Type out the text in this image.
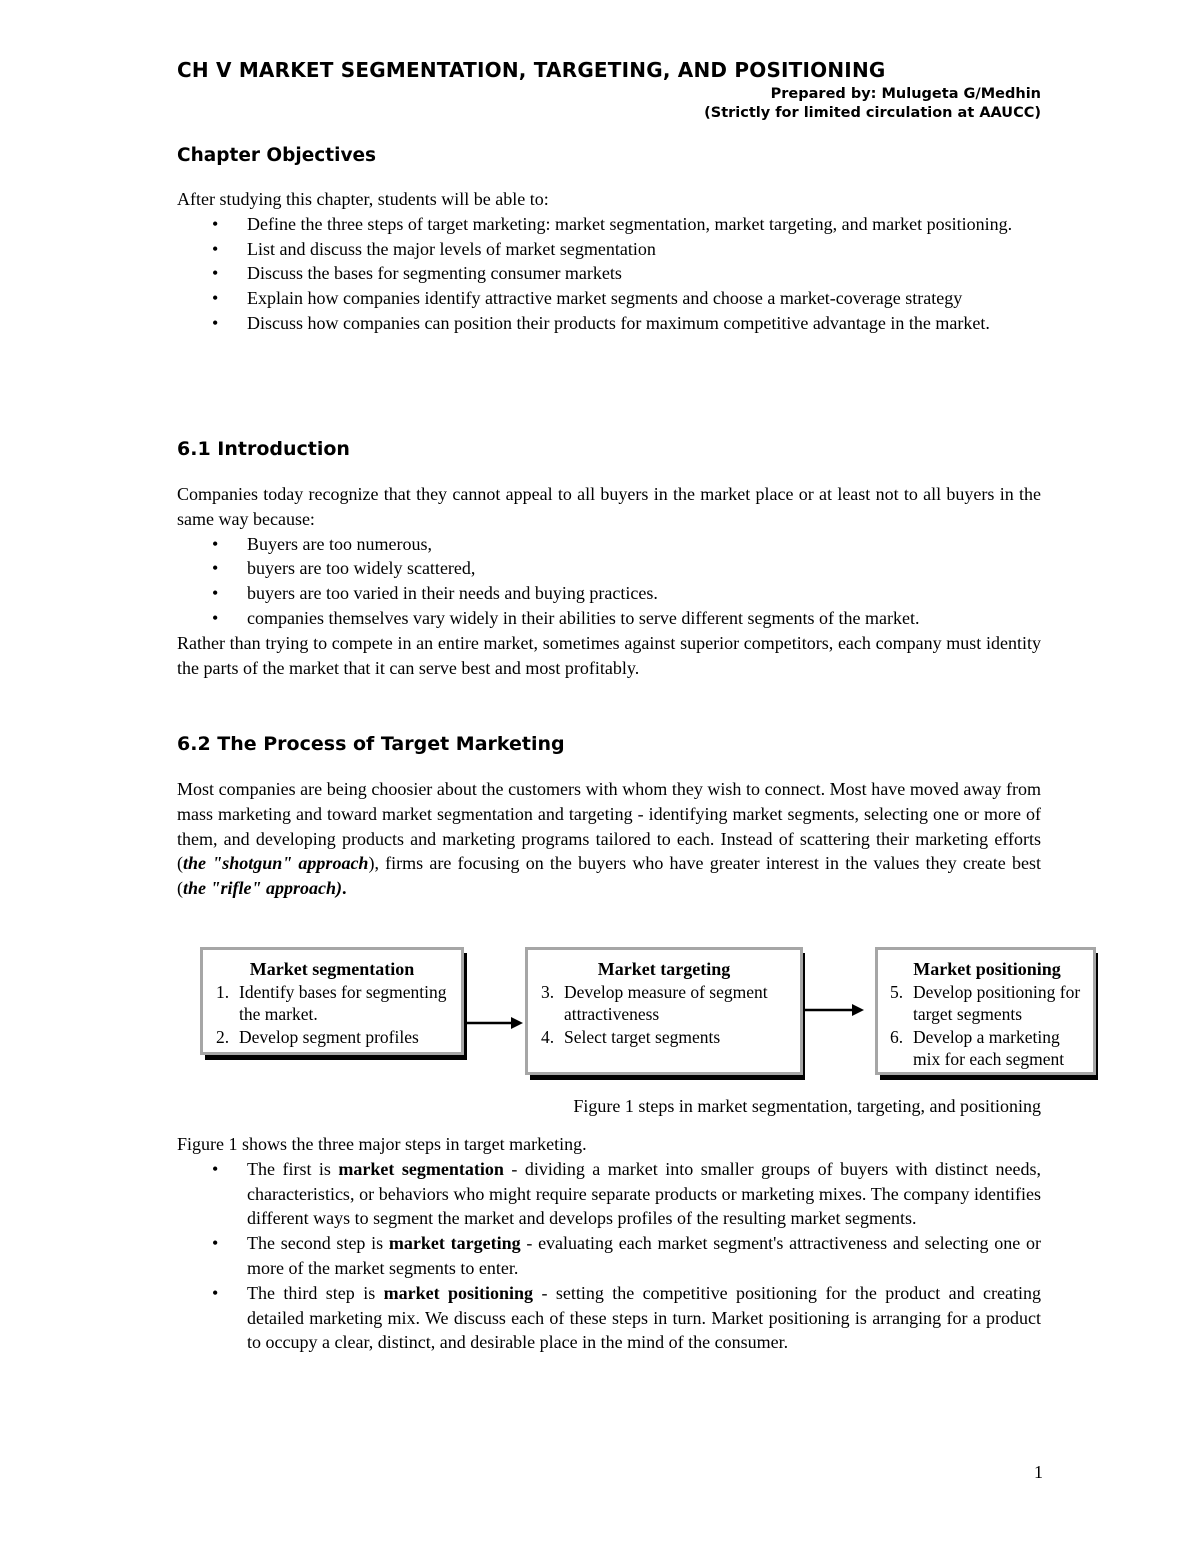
CH V MARKET SEGMENTATION, TARGETING, AND POSITIONING
Prepared by: Mulugeta G/Medhin
(Strictly for limited circulation at AAUCC)
Chapter Objectives

After studying this chapter, students will be able to:

• Define the three steps of target marketing: market segmentation, market targeting, and market positioning.
• List and discuss the major levels of market segmentation
• Discuss the bases for segmenting consumer markets
• Explain how companies identify attractive market segments and choose a market-coverage strategy
• Discuss how companies can position their products for maximum competitive advantage in the market.
6.1 Introduction

Companies today recognize that they cannot appeal to all buyers in the market place or at least not to all buyers in the same way because:

• Buyers are too numerous,
• buyers are too widely scattered,
• buyers are too varied in their needs and buying practices.
• companies themselves vary widely in their abilities to serve different segments of the market.

Rather than trying to compete in an entire market, sometimes against superior competitors, each company must identity the parts of the market that it can serve best and most profitably.

6.2 The Process of Target Marketing

Most companies are being choosier about the customers with whom they wish to connect. Most have moved away from mass marketing and toward market segmentation and targeting - identifying market segments, selecting one or more of them, and developing products and marketing programs tailored to each. Instead of scattering their marketing efforts (the "shotgun" approach), firms are focusing on the buyers who have greater interest in the values they create best (the "rifle" approach).

Market segmentation
1. Identify bases for segmenting the market.
2. Develop segment profiles
Market targeting
3. Develop measure of segment attractiveness
4. Select target segments
Market positioning
5. Develop positioning for target segments
6. Develop a marketing mix for each segment
Figure 1 steps in market segmentation, targeting, and positioning

Figure 1 shows the three major steps in target marketing.

• The first is market segmentation - dividing a market into smaller groups of buyers with distinct needs, characteristics, or behaviors who might require separate products or marketing mixes. The company identifies different ways to segment the market and develops profiles of the resulting market segments.
• The second step is market targeting - evaluating each market segment's attractiveness and selecting one or more of the market segments to enter.
• The third step is market positioning - setting the competitive positioning for the product and creating detailed marketing mix. We discuss each of these steps in turn. Market positioning is arranging for a product to occupy a clear, distinct, and desirable place in the mind of the consumer.
1
